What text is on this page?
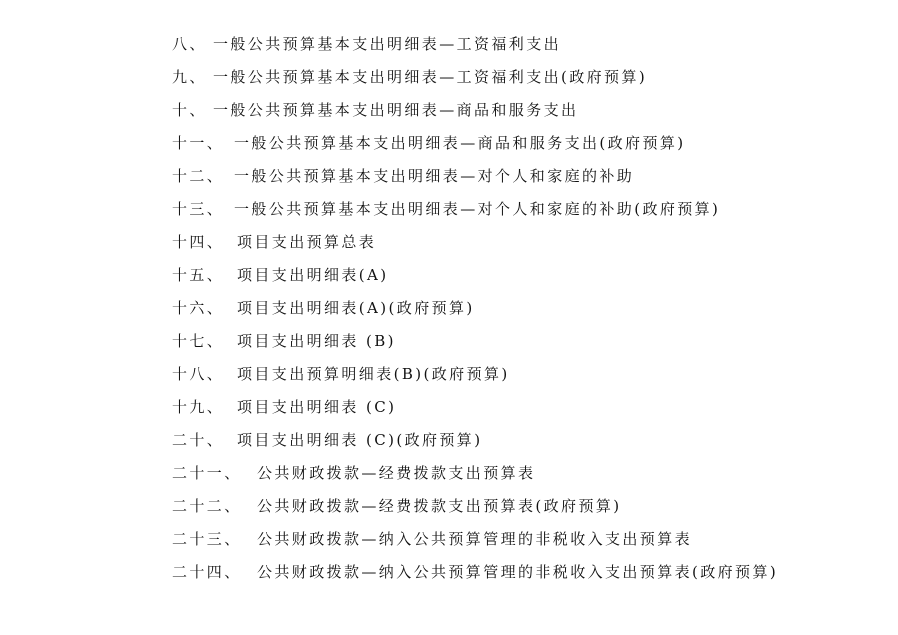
八、 一般公共预算基本支出明细表—工资福利支出
九、 一般公共预算基本支出明细表—工资福利支出(政府预算)
十、 一般公共预算基本支出明细表—商品和服务支出
十一、 一般公共预算基本支出明细表—商品和服务支出(政府预算)
十二、 一般公共预算基本支出明细表—对个人和家庭的补助
十三、 一般公共预算基本支出明细表—对个人和家庭的补助(政府预算)
十四、 项目支出预算总表
十五、 项目支出明细表(A)
十六、 项目支出明细表(A)(政府预算)
十七、 项目支出明细表 (B)
十八、 项目支出预算明细表(B)(政府预算)
十九、 项目支出明细表 (C)
二十、 项目支出明细表 (C)(政府预算)
二十一、 公共财政拨款—经费拨款支出预算表
二十二、 公共财政拨款—经费拨款支出预算表(政府预算)
二十三、 公共财政拨款—纳入公共预算管理的非税收入支出预算表
二十四、 公共财政拨款—纳入公共预算管理的非税收入支出预算表(政府预算)
